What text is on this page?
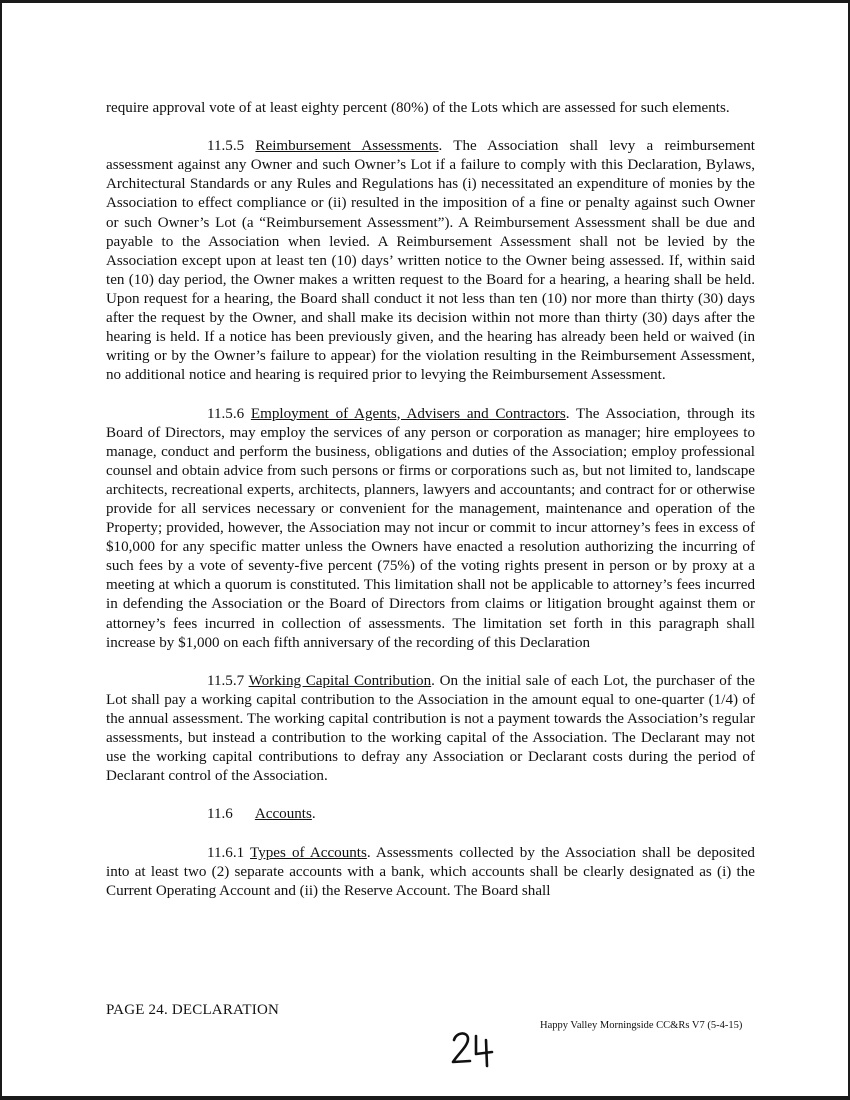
require approval vote of at least eighty percent (80%) of the Lots which are assessed for such elements.

11.5.5 Reimbursement Assessments. The Association shall levy a reimbursement assessment against any Owner and such Owner’s Lot if a failure to comply with this Declaration, Bylaws, Architectural Standards or any Rules and Regulations has (i) necessitated an expenditure of monies by the Association to effect compliance or (ii) resulted in the imposition of a fine or penalty against such Owner or such Owner’s Lot (a “Reimbursement Assessment”). A Reimbursement Assessment shall be due and payable to the Association when levied. A Reimbursement Assessment shall not be levied by the Association except upon at least ten (10) days’ written notice to the Owner being assessed. If, within said ten (10) day period, the Owner makes a written request to the Board for a hearing, a hearing shall be held. Upon request for a hearing, the Board shall conduct it not less than ten (10) nor more than thirty (30) days after the request by the Owner, and shall make its decision within not more than thirty (30) days after the hearing is held. If a notice has been previously given, and the hearing has already been held or waived (in writing or by the Owner’s failure to appear) for the violation resulting in the Reimbursement Assessment, no additional notice and hearing is required prior to levying the Reimbursement Assessment.

11.5.6 Employment of Agents, Advisers and Contractors. The Association, through its Board of Directors, may employ the services of any person or corporation as manager; hire employees to manage, conduct and perform the business, obligations and duties of the Association; employ professional counsel and obtain advice from such persons or firms or corporations such as, but not limited to, landscape architects, recreational experts, architects, planners, lawyers and accountants; and contract for or otherwise provide for all services necessary or convenient for the management, maintenance and operation of the Property; provided, however, the Association may not incur or commit to incur attorney’s fees in excess of $10,000 for any specific matter unless the Owners have enacted a resolution authorizing the incurring of such fees by a vote of seventy-five percent (75%) of the voting rights present in person or by proxy at a meeting at which a quorum is constituted. This limitation shall not be applicable to attorney’s fees incurred in defending the Association or the Board of Directors from claims or litigation brought against them or attorney’s fees incurred in collection of assessments. The limitation set forth in this paragraph shall increase by $1,000 on each fifth anniversary of the recording of this Declaration

11.5.7 Working Capital Contribution. On the initial sale of each Lot, the purchaser of the Lot shall pay a working capital contribution to the Association in the amount equal to one-quarter (1/4) of the annual assessment. The working capital contribution is not a payment towards the Association’s regular assessments, but instead a contribution to the working capital of the Association. The Declarant may not use the working capital contributions to defray any Association or Declarant costs during the period of Declarant control of the Association.

11.6 Accounts.

11.6.1 Types of Accounts. Assessments collected by the Association shall be deposited into at least two (2) separate accounts with a bank, which accounts shall be clearly designated as (i) the Current Operating Account and (ii) the Reserve Account. The Board shall

PAGE 24. DECLARATION
Happy Valley Morningside CC&Rs V7 (5-4-15)
